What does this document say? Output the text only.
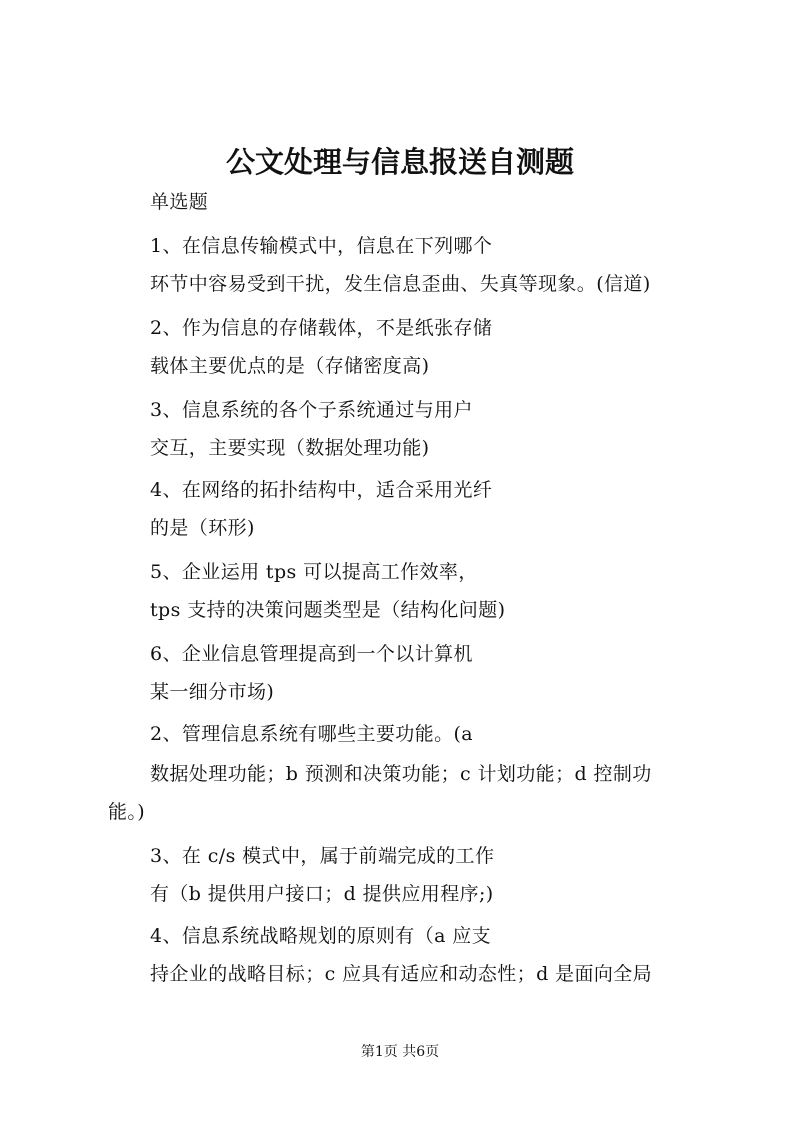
公文处理与信息报送自测题
单选题
1、在信息传输模式中，信息在下列哪个
环节中容易受到干扰，发生信息歪曲、失真等现象。(信道)
2、作为信息的存储载体，不是纸张存储
载体主要优点的是（存储密度高)
3、信息系统的各个子系统通过与用户
交互，主要实现（数据处理功能)
4、在网络的拓扑结构中，适合采用光纤
的是（环形)
5、企业运用 tps 可以提高工作效率，
tps 支持的决策问题类型是（结构化问题)
6、企业信息管理提高到一个以计算机
某一细分市场)
2、管理信息系统有哪些主要功能。(a
数据处理功能；b 预测和决策功能；c 计划功能；d 控制功
能。)
3、在 c/s 模式中，属于前端完成的工作
有（b 提供用户接口；d 提供应用程序;)
4、信息系统战略规划的原则有（a 应支
持企业的战略目标；c 应具有适应和动态性；d 是面向全局
第1页 共6页
